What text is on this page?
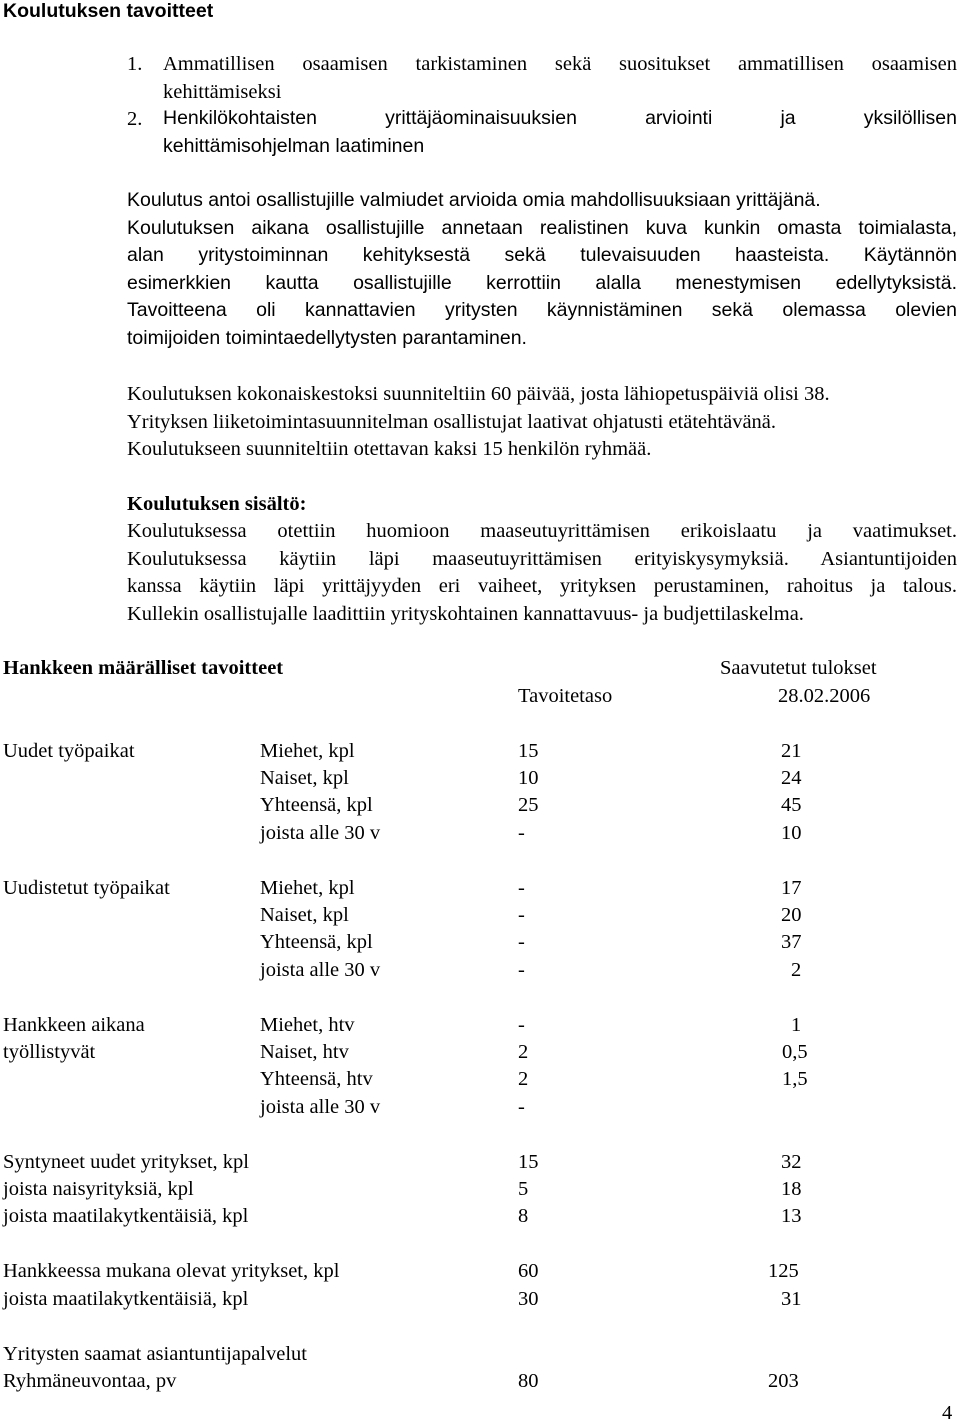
Koulutuksen tavoitteet
1. Ammatillisen osaamisen tarkistaminen sekä suositukset ammatillisen osaamisen
kehittämiseksi
2. Henkilökohtaisten yrittäjäominaisuuksien arviointi ja yksilöllisen
kehittämisohjelman laatiminen
Koulutus antoi osallistujille valmiudet arvioida omia mahdollisuuksiaan yrittäjänä.
Koulutuksen aikana osallistujille annetaan realistinen kuva kunkin omasta toimialasta,
alan yritystoiminnan kehityksestä sekä tulevaisuuden haasteista. Käytännön
esimerkkien kautta osallistujille kerrottiin alalla menestymisen edellytyksistä.
Tavoitteena oli kannattavien yritysten käynnistäminen sekä olemassa olevien
toimijoiden toimintaedellytysten parantaminen.
Koulutuksen kokonaiskestoksi suunniteltiin 60 päivää, josta lähiopetuspäiviä olisi 38.
Yrityksen liiketoimintasuunnitelman osallistujat laativat ohjatusti etätehtävänä.
Koulutukseen suunniteltiin otettavan kaksi 15 henkilön ryhmää.
Koulutuksen sisältö:
Koulutuksessa otettiin huomioon maaseutuyrittämisen erikoislaatu ja vaatimukset.
Koulutuksessa käytiin läpi maaseutuyrittämisen erityiskysymyksiä. Asiantuntijoiden
kanssa käytiin läpi yrittäjyyden eri vaiheet, yrityksen perustaminen, rahoitus ja talous.
Kullekin osallistujalle laadittiin yrityskohtainen kannattavuus- ja budjettilaskelma.
Hankkeen määrälliset tavoitteet	Saavutetut tulokset
Tavoitetaso	28.02.2006
Uudet työpaikat	Miehet, kpl	15	21
Naiset, kpl	10	24
Yhteensä, kpl	25	45
joista alle 30 v	-	10
Uudistetut työpaikat	Miehet, kpl	-	17
Naiset, kpl	-	20
Yhteensä, kpl	-	37
joista alle 30 v	-	2
Hankkeen aikana	Miehet, htv	-	1
työllistyvät	Naiset, htv	2	0,5
Yhteensä, htv	2	1,5
joista alle 30 v	-
Syntyneet uudet yritykset, kpl	15	32
joista naisyrityksiä, kpl	5	18
joista maatilakytkentäisiä, kpl	8	13
Hankkeessa mukana olevat yritykset, kpl	60	125
joista maatilakytkentäisiä, kpl	30	31
Yritysten saamat asiantuntijapalvelut
Ryhmäneuvontaa, pv	80	203
4
